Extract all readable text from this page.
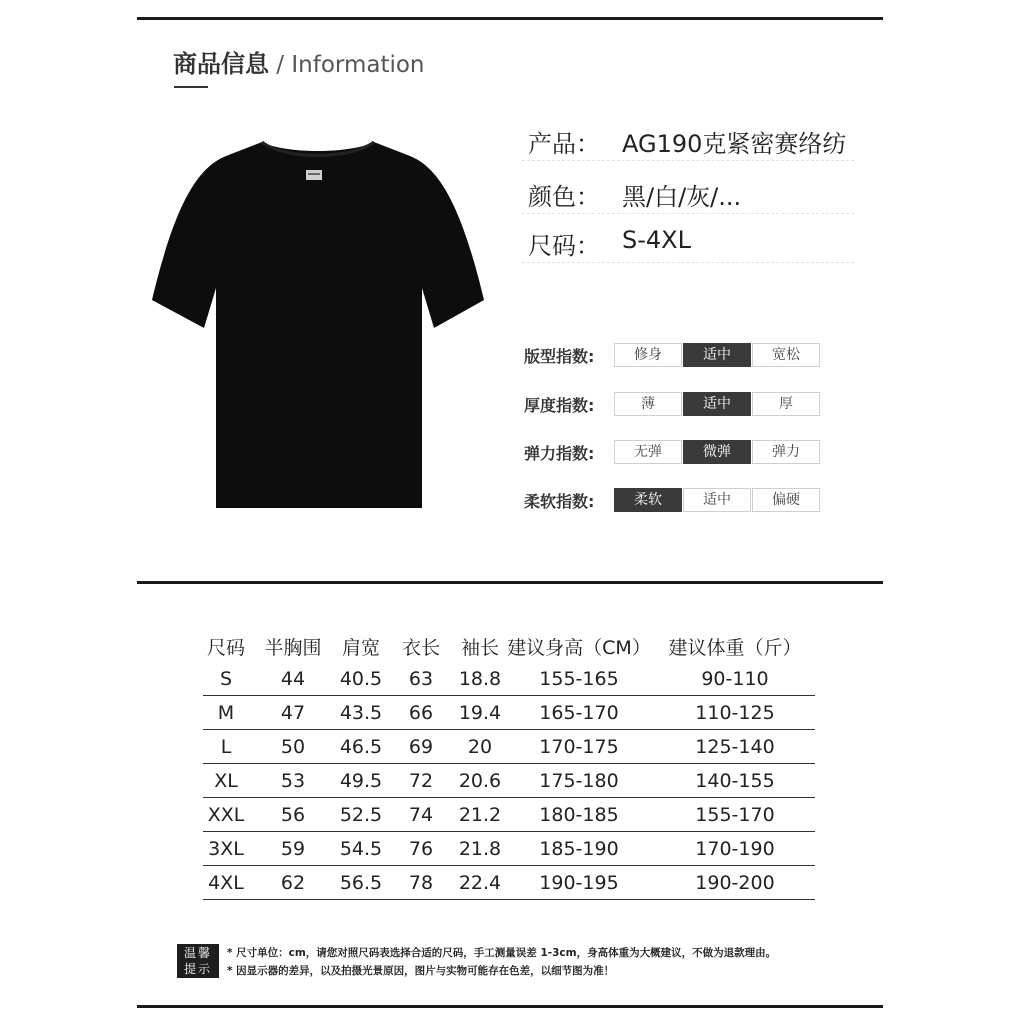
商品信息 / Information
产品： AG190克紧密赛络纺
颜色： 黑/白/灰/...
尺码： S-4XL
版型指数:	修身	适中	宽松
厚度指数:	薄	适中	厚
弹力指数:	无弹	微弹	弹力
柔软指数:	柔软	适中	偏硬
尺码	半胸围	肩宽	衣长	袖长	建议身高（CM）	建议体重（斤）
S	44	40.5	63	18.8	155-165	90-110
M	47	43.5	66	19.4	165-170	110-125
L	50	46.5	69	20	170-175	125-140
XL	53	49.5	72	20.6	175-180	140-155
XXL	56	52.5	74	21.2	180-185	155-170
3XL	59	54.5	76	21.8	185-190	170-190
4XL	62	56.5	78	22.4	190-195	190-200
温馨
提示
* 尺寸单位：cm，请您对照尺码表选择合适的尺码，手工测量误差 1-3cm，身高体重为大概建议，不做为退款理由。
* 因显示器的差异，以及拍摄光景原因，图片与实物可能存在色差，以细节图为准！
